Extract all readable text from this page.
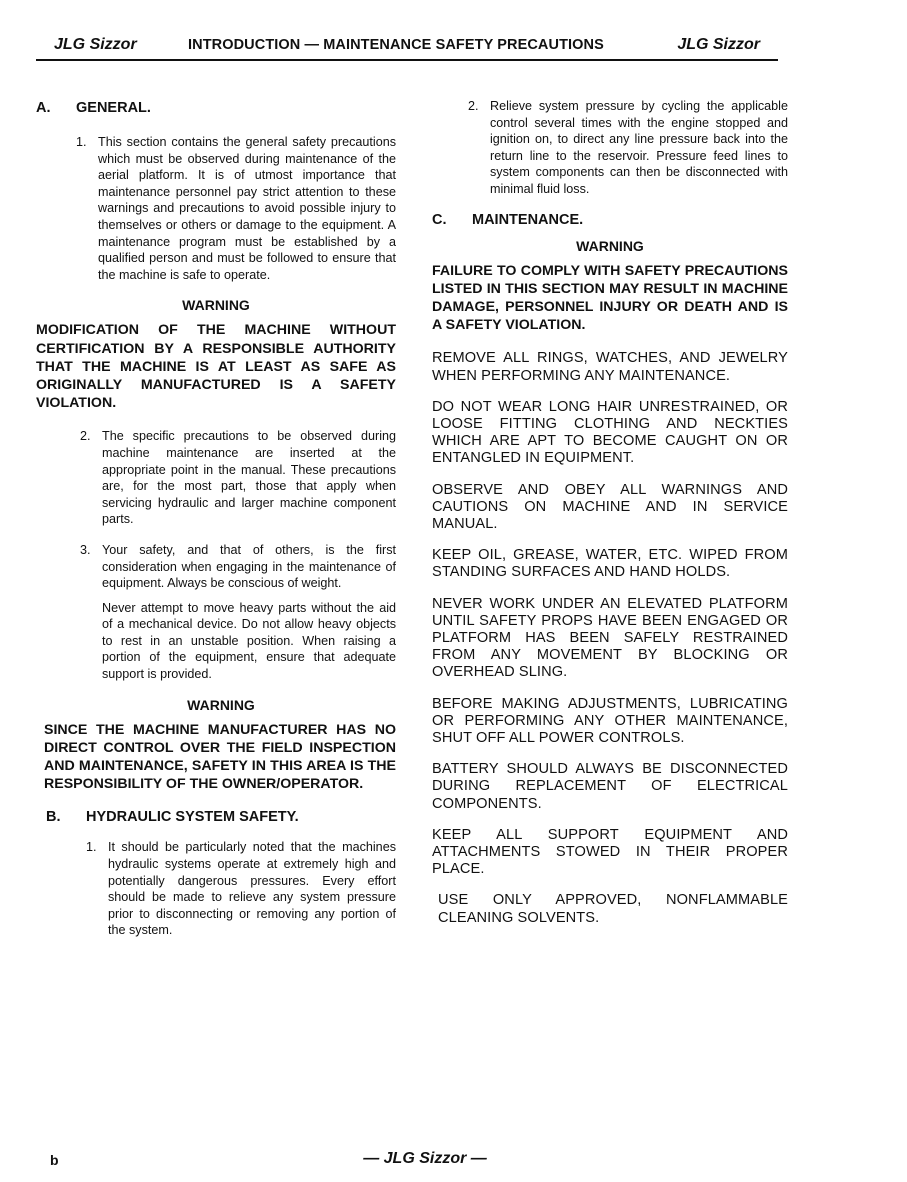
JLG Sizzor	INTRODUCTION — MAINTENANCE SAFETY PRECAUTIONS	JLG Sizzor
A.	GENERAL.
1. This section contains the general safety precautions which must be observed during maintenance of the aerial platform. It is of utmost importance that maintenance personnel pay strict attention to these warnings and precautions to avoid possible injury to themselves or others or damage to the equipment. A maintenance program must be established by a qualified person and must be followed to ensure that the machine is safe to operate.
WARNING
MODIFICATION OF THE MACHINE WITHOUT CERTIFICATION BY A RESPONSIBLE AUTHORITY THAT THE MACHINE IS AT LEAST AS SAFE AS ORIGINALLY MANUFACTURED IS A SAFETY VIOLATION.
2. The specific precautions to be observed during machine maintenance are inserted at the appropriate point in the manual. These precautions are, for the most part, those that apply when servicing hydraulic and larger machine component parts.
3. Your safety, and that of others, is the first consideration when engaging in the maintenance of equipment. Always be conscious of weight.
Never attempt to move heavy parts without the aid of a mechanical device. Do not allow heavy objects to rest in an unstable position. When raising a portion of the equipment, ensure that adequate support is provided.
WARNING
SINCE THE MACHINE MANUFACTURER HAS NO DIRECT CONTROL OVER THE FIELD INSPECTION AND MAINTENANCE, SAFETY IN THIS AREA IS THE RESPONSIBILITY OF THE OWNER/OPERATOR.
B.	HYDRAULIC SYSTEM SAFETY.
1. It should be particularly noted that the machines hydraulic systems operate at extremely high and potentially dangerous pressures. Every effort should be made to relieve any system pressure prior to disconnecting or removing any portion of the system.
2. Relieve system pressure by cycling the applicable control several times with the engine stopped and ignition on, to direct any line pressure back into the return line to the reservoir. Pressure feed lines to system components can then be disconnected with minimal fluid loss.
C.	MAINTENANCE.
WARNING
FAILURE TO COMPLY WITH SAFETY PRECAUTIONS LISTED IN THIS SECTION MAY RESULT IN MACHINE DAMAGE, PERSONNEL INJURY OR DEATH AND IS A SAFETY VIOLATION.
REMOVE ALL RINGS, WATCHES, AND JEWELRY WHEN PERFORMING ANY MAINTENANCE.
DO NOT WEAR LONG HAIR UNRESTRAINED, OR LOOSE FITTING CLOTHING AND NECKTIES WHICH ARE APT TO BECOME CAUGHT ON OR ENTANGLED IN EQUIPMENT.
OBSERVE AND OBEY ALL WARNINGS AND CAUTIONS ON MACHINE AND IN SERVICE MANUAL.
KEEP OIL, GREASE, WATER, ETC. WIPED FROM STANDING SURFACES AND HAND HOLDS.
NEVER WORK UNDER AN ELEVATED PLATFORM UNTIL SAFETY PROPS HAVE BEEN ENGAGED OR PLATFORM HAS BEEN SAFELY RESTRAINED FROM ANY MOVEMENT BY BLOCKING OR OVERHEAD SLING.
BEFORE MAKING ADJUSTMENTS, LUBRICATING OR PERFORMING ANY OTHER MAINTENANCE, SHUT OFF ALL POWER CONTROLS.
BATTERY SHOULD ALWAYS BE DISCONNECTED DURING REPLACEMENT OF ELECTRICAL COMPONENTS.
KEEP ALL SUPPORT EQUIPMENT AND ATTACHMENTS STOWED IN THEIR PROPER PLACE.
USE ONLY APPROVED, NONFLAMMABLE CLEANING SOLVENTS.
b	— JLG Sizzor —
